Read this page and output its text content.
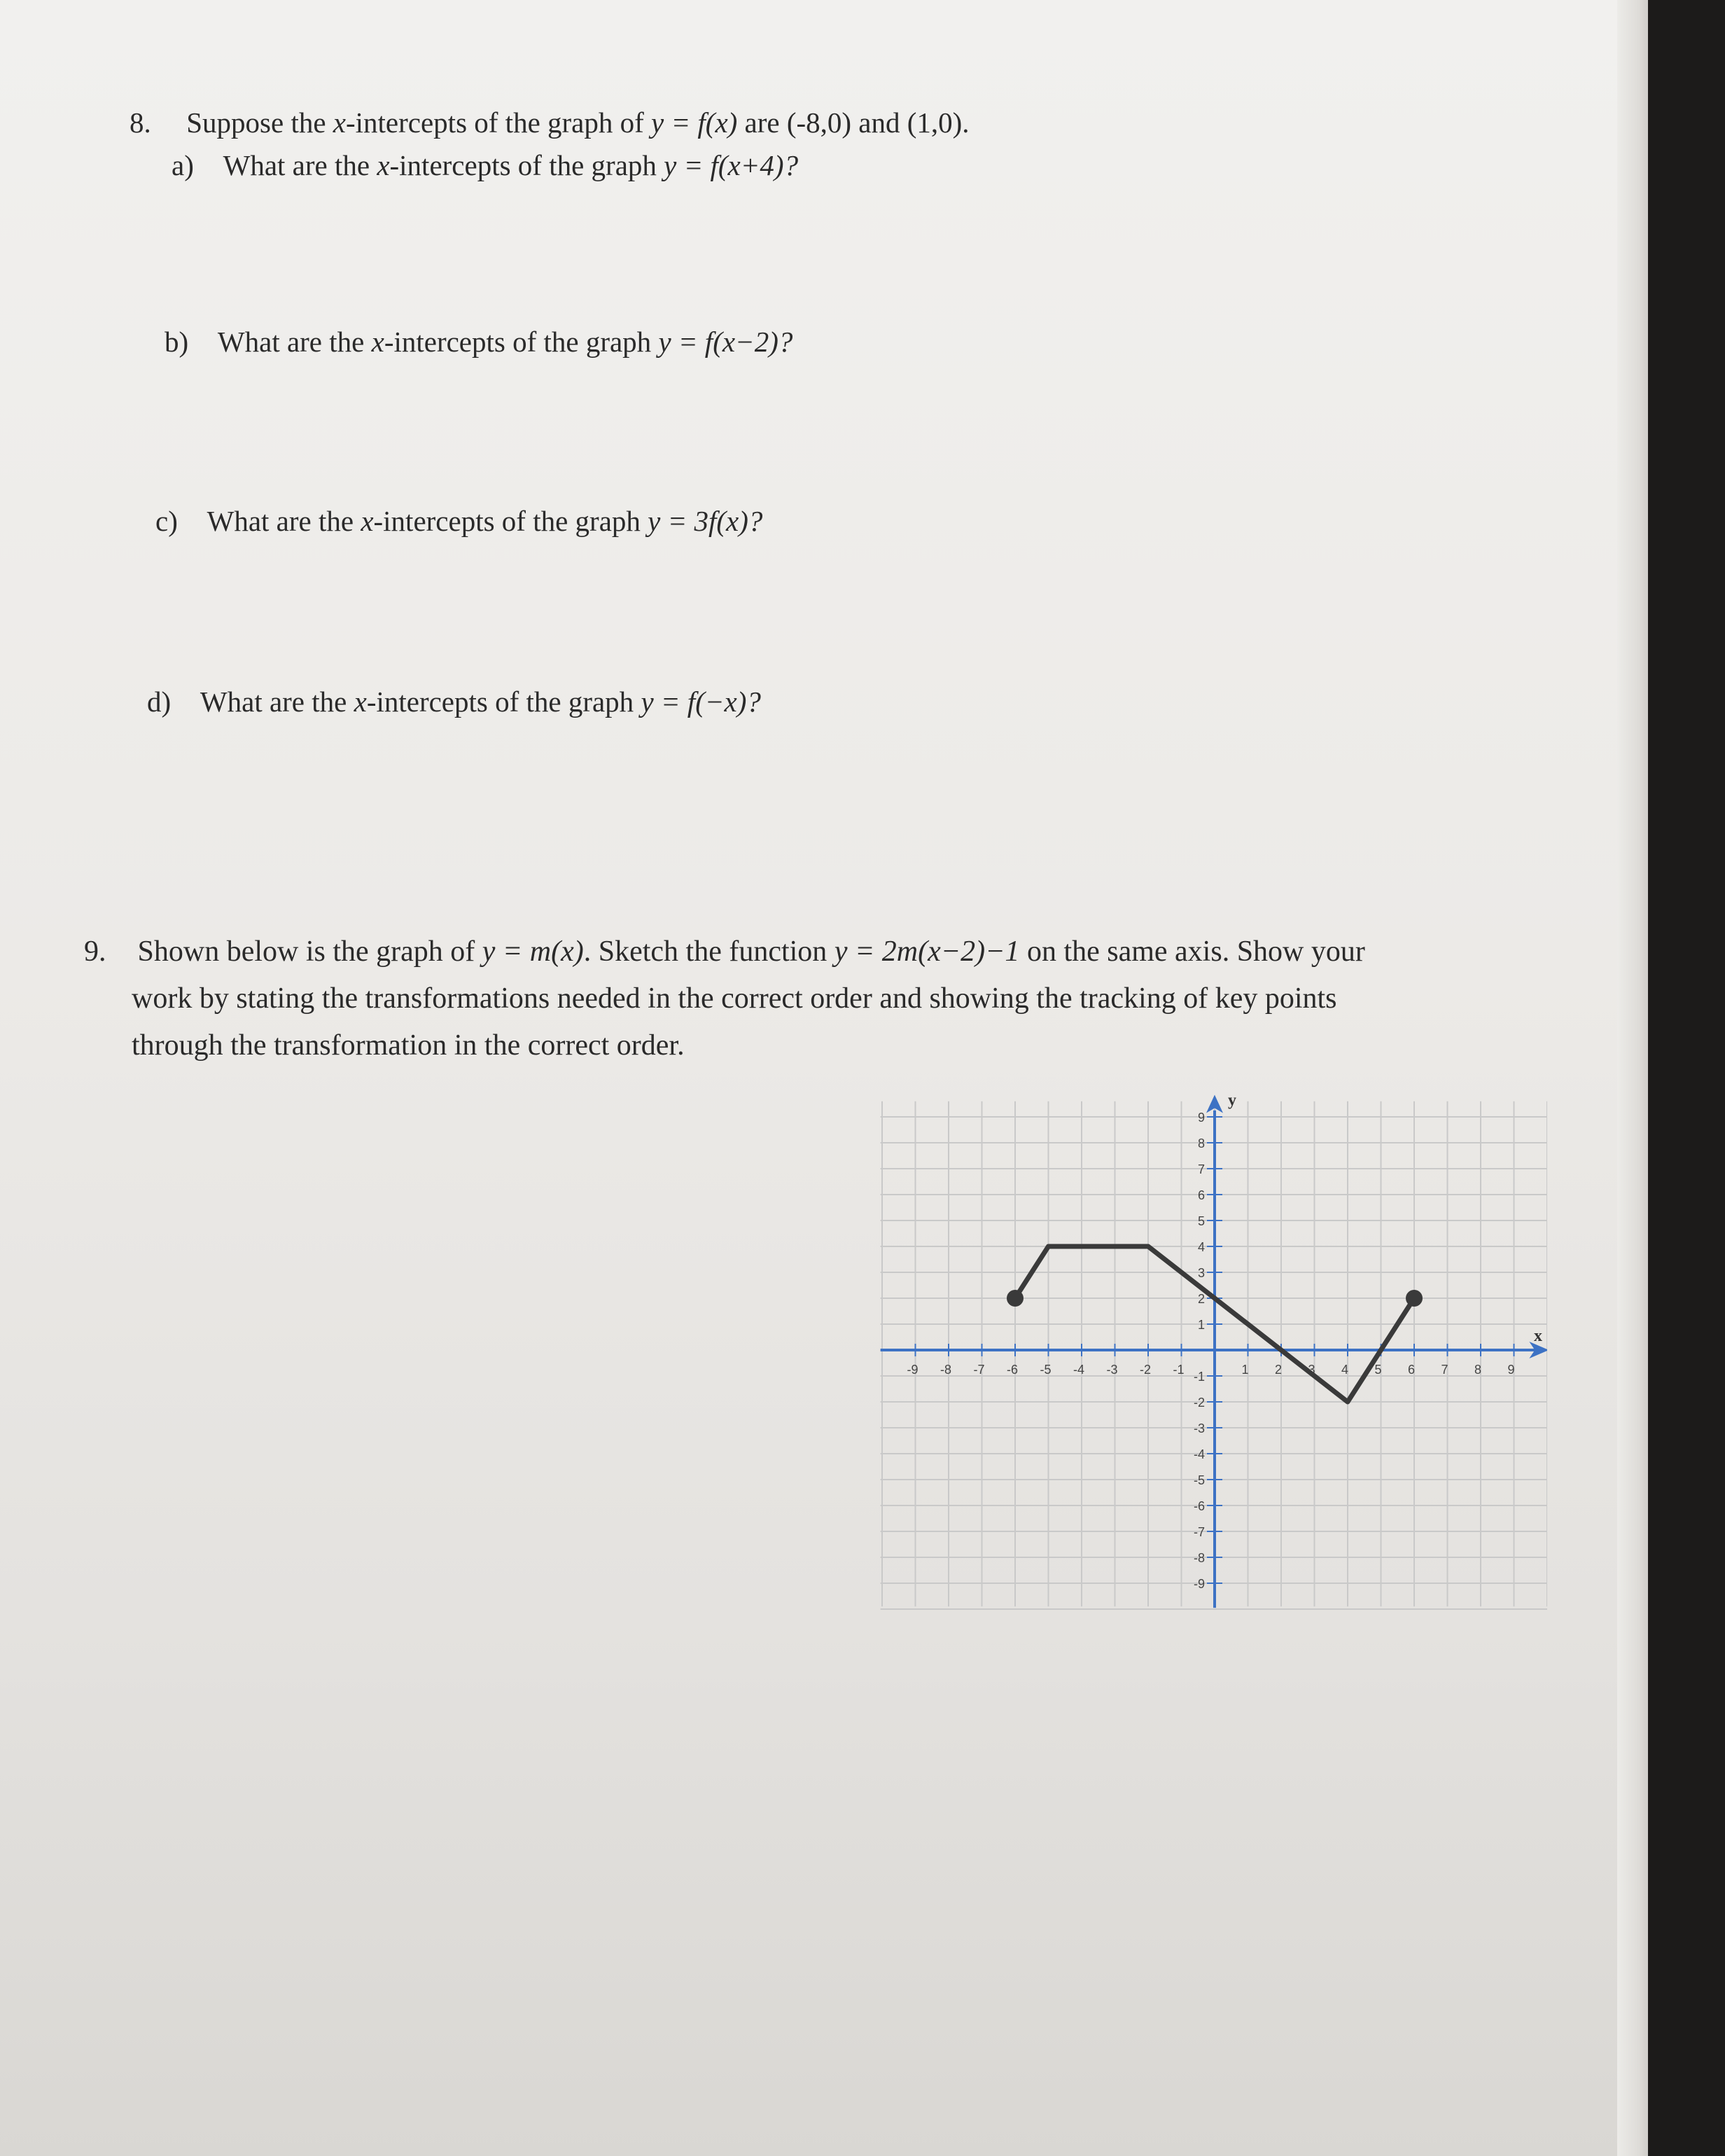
8. Suppose the x-intercepts of the graph of y = f(x) are (-8,0) and (1,0).
a) What are the x-intercepts of the graph y = f(x+4)?
b) What are the x-intercepts of the graph y = f(x−2)?
c) What are the x-intercepts of the graph y = 3f(x)?
d) What are the x-intercepts of the graph y = f(−x)?
9. Shown below is the graph of y = m(x). Sketch the function y = 2m(x−2)−1 on the same axis. Show your
work by stating the transformations needed in the correct order and showing the tracking of key points
through the transformation in the correct order.
-9 -8 -7 -6 -5 -4 -3 -2 -1	1 2 3 4 5 6 7 8 9
9
8
7
6
5
4
3
2
1
-1
-2
-3
-4
-5
-6
-7
-8
-9
x
y
